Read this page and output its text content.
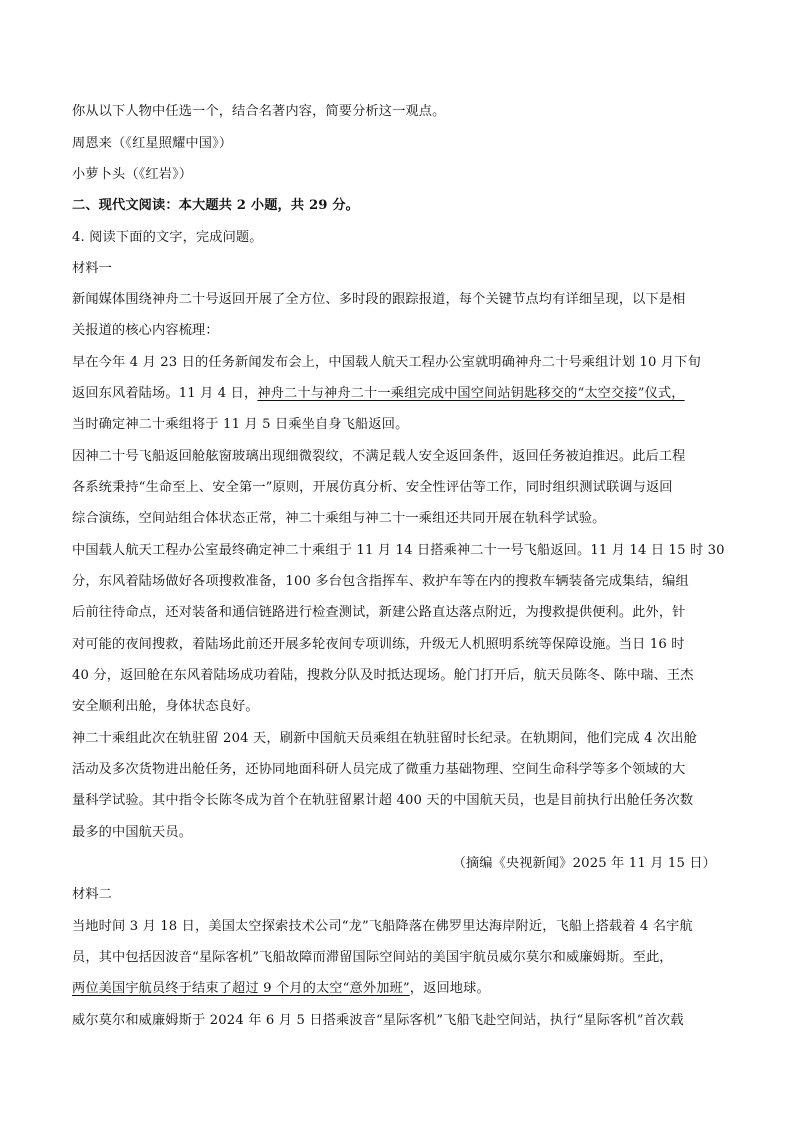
你从以下人物中任选一个，结合名著内容，简要分析这一观点。
周恩来（《红星照耀中国》）
小萝卜头（《红岩》）
二、现代文阅读：本大题共 2 小题，共 29 分。
4. 阅读下面的文字，完成问题。
材料一
新闻媒体围绕神舟二十号返回开展了全方位、多时段的跟踪报道，每个关键节点均有详细呈现，以下是相
关报道的核心内容梳理：
早在今年 4 月 23 日的任务新闻发布会上，中国载人航天工程办公室就明确神舟二十号乘组计划 10 月下旬
返回东风着陆场。11 月 4 日，神舟二十与神舟二十一乘组完成中国空间站钥匙移交的“太空交接”仪式，
当时确定神二十乘组将于 11 月 5 日乘坐自身飞船返回。
因神二十号飞船返回舱舷窗玻璃出现细微裂纹，不满足载人安全返回条件，返回任务被迫推迟。此后工程
各系统秉持“生命至上、安全第一”原则，开展仿真分析、安全性评估等工作，同时组织测试联调与返回
综合演练，空间站组合体状态正常，神二十乘组与神二十一乘组还共同开展在轨科学试验。
中国载人航天工程办公室最终确定神二十乘组于 11 月 14 日搭乘神二十一号飞船返回。11 月 14 日 15 时 30
分，东风着陆场做好各项搜救准备，100 多台包含指挥车、救护车等在内的搜救车辆装备完成集结，编组
后前往待命点，还对装备和通信链路进行检查测试，新建公路直达落点附近，为搜救提供便利。此外，针
对可能的夜间搜救，着陆场此前还开展多轮夜间专项训练，升级无人机照明系统等保障设施。当日 16 时
40 分，返回舱在东风着陆场成功着陆，搜救分队及时抵达现场。舱门打开后，航天员陈冬、陈中瑞、王杰
安全顺利出舱，身体状态良好。
神二十乘组此次在轨驻留 204 天，刷新中国航天员乘组在轨驻留时长纪录。在轨期间，他们完成 4 次出舱
活动及多次货物进出舱任务，还协同地面科研人员完成了微重力基础物理、空间生命科学等多个领域的大
量科学试验。其中指令长陈冬成为首个在轨驻留累计超 400 天的中国航天员，也是目前执行出舱任务次数
最多的中国航天员。
（摘编《央视新闻》2025 年 11 月 15 日）
材料二
当地时间 3 月 18 日，美国太空探索技术公司“龙”飞船降落在佛罗里达海岸附近，飞船上搭载着 4 名宇航
员，其中包括因波音“星际客机”飞船故障而滞留国际空间站的美国宇航员威尔莫尔和威廉姆斯。至此，
两位美国宇航员终于结束了超过 9 个月的太空“意外加班”，返回地球。
威尔莫尔和威廉姆斯于 2024 年 6 月 5 日搭乘波音“星际客机”飞船飞赴空间站，执行“星际客机”首次载
